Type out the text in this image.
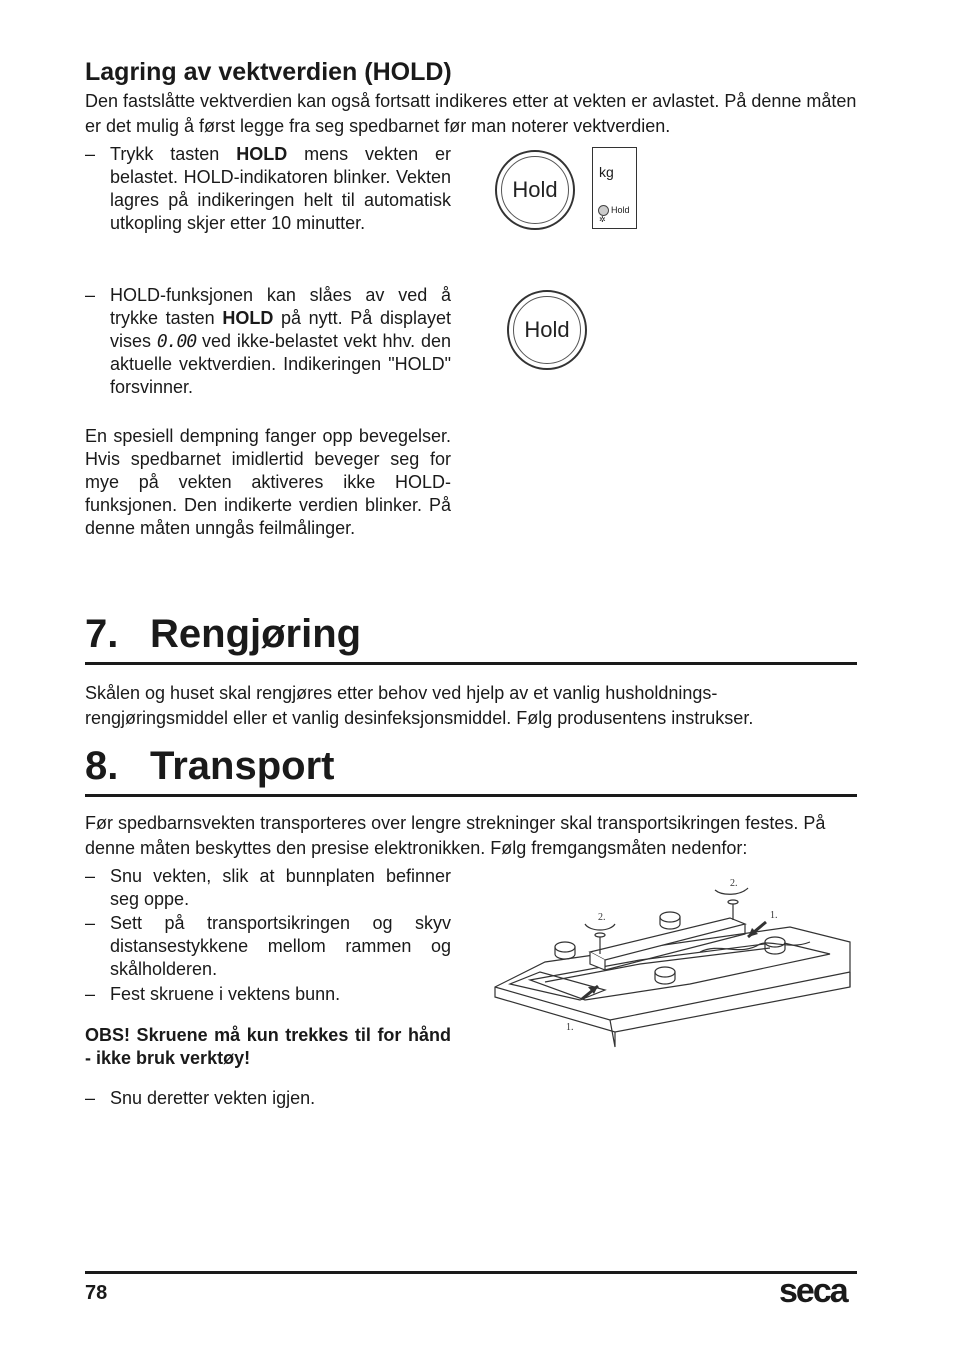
Lagring av vektverdien (HOLD)

Den fastslåtte vektverdien kan også fortsatt indikeres etter at vekten er avlastet. På denne måten er det mulig å først legge fra seg spedbarnet før man noterer vektverdien.

– Trykk tasten HOLD mens vekten er belastet. HOLD-indikatoren blinker. Vekten lagres på indikeringen helt til automatisk utkopling skjer etter 10 minutter.
– HOLD-funksjonen kan slåes av ved å trykke tasten HOLD på nytt. På displayet vises 0.00 ved ikke-belastet vekt hhv. den aktuelle vektverdien. Indikeringen "HOLD" forsvinner.

En spesiell dempning fanger opp bevegelser. Hvis spedbarnet imidlertid beveger seg for mye på vekten aktiveres ikke HOLD-funksjonen. Den indikerte verdien blinker. På denne måten unngås feilmålinger.

Hold
kg
Hold
✲
Hold
7. Rengjøring

Skålen og huset skal rengjøres etter behov ved hjelp av et vanlig husholdnings-rengjøringsmiddel eller et vanlig desinfeksjonsmiddel. Følg produsentens instrukser.

8. Transport

Før spedbarnsvekten transporteres over lengre strekninger skal transportsikringen festes. På denne måten beskyttes den presise elektronikken. Følg fremgangsmåten nedenfor:

– Snu vekten, slik at bunnplaten befinner seg oppe.
– Sett på transportsikringen og skyv distansestykkene mellom rammen og skålholderen.
– Fest skruene i vektens bunn.

OBS! Skruene må kun trekkes til for hånd - ikke bruk verktøy!

– Snu deretter vekten igjen.
2.
2.
1.
1.
78	seca
